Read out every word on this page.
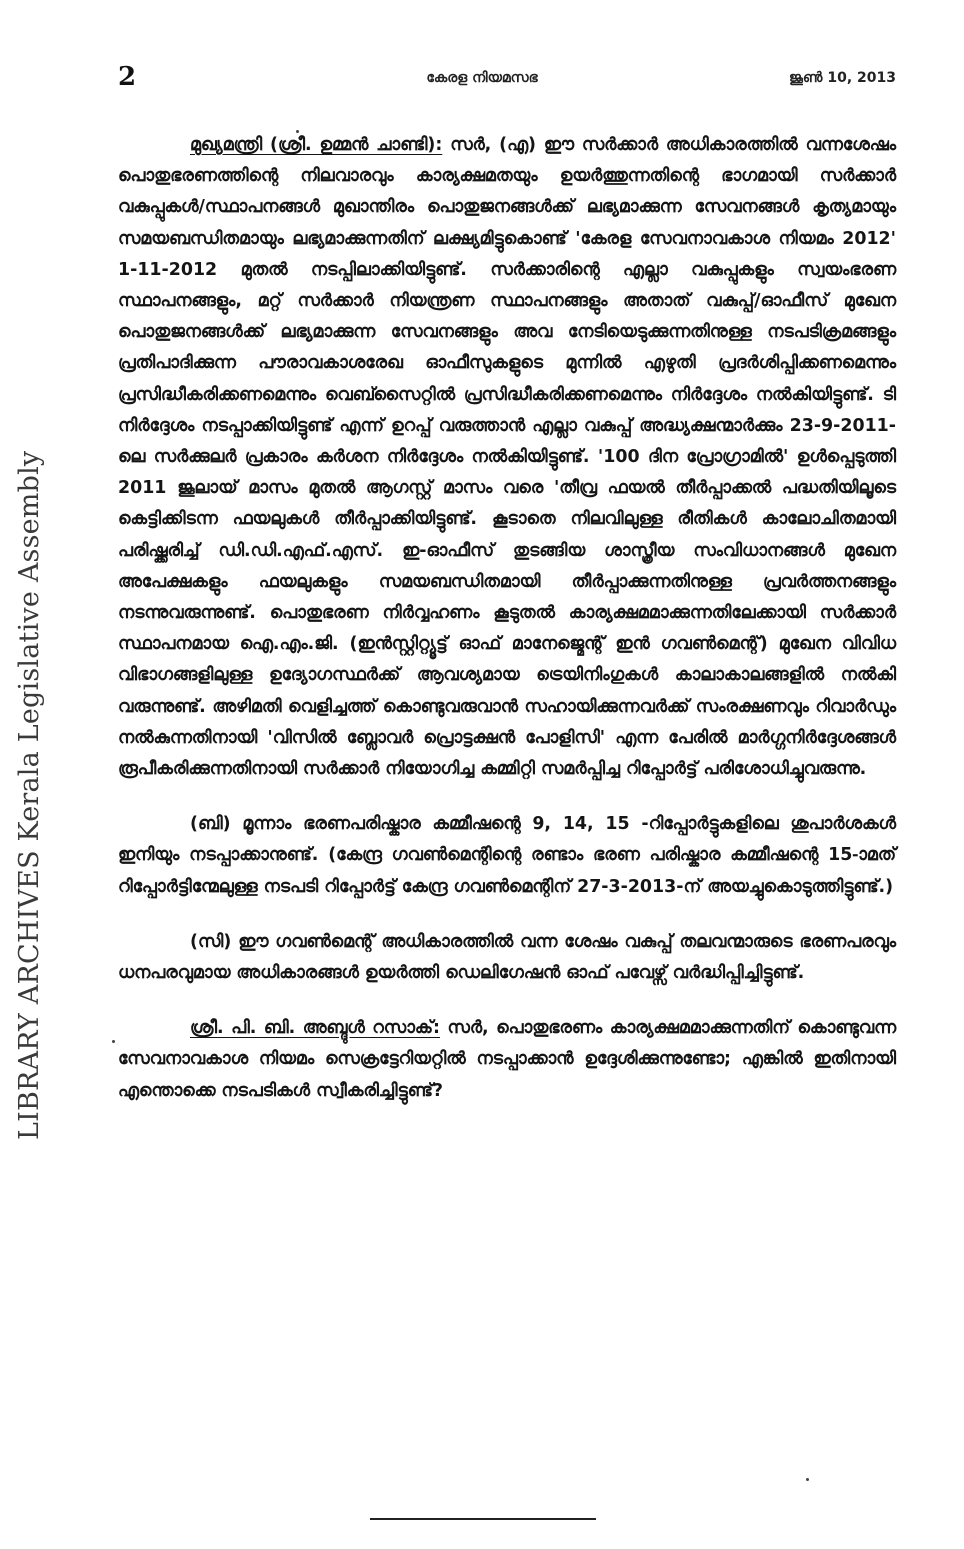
2	കേരള നിയമസഭ	ജൂൺ 10, 2013
LIBRARY ARCHIVES Kerala Legislative Assembly

മുഖ്യമന്ത്രി (ശ്രീ. ഉമ്മൻ ചാണ്ടി): സർ, (എ) ഈ സർക്കാർ അധികാരത്തിൽ വന്നശേഷം പൊതുഭരണത്തിന്റെ നിലവാരവും കാര്യക്ഷമതയും ഉയർത്തുന്നതിന്റെ ഭാഗമായി സർക്കാർ വകുപ്പുകൾ/സ്ഥാപനങ്ങൾ മുഖാന്തിരം പൊതുജനങ്ങൾക്ക് ലഭ്യമാക്കുന്ന സേവനങ്ങൾ കൃത്യമായും സമയബന്ധിതമായും ലഭ്യമാക്കുന്നതിന് ലക്ഷ്യമിട്ടുകൊണ്ട് 'കേരള സേവനാവകാശ നിയമം 2012' 1-11-2012 മുതൽ നടപ്പിലാക്കിയിട്ടുണ്ട്. സർക്കാരിന്റെ എല്ലാ വകുപ്പുകളും സ്വയംഭരണ സ്ഥാപനങ്ങളും, മറ്റ് സർക്കാർ നിയന്ത്രണ സ്ഥാപനങ്ങളും അതാത് വകുപ്പ്/ഓഫീസ് മുഖേന പൊതുജനങ്ങൾക്ക് ലഭ്യമാക്കുന്ന സേവനങ്ങളും അവ നേടിയെടുക്കുന്നതിനുള്ള നടപടിക്രമങ്ങളും പ്രതിപാദിക്കുന്ന പൗരാവകാശരേഖ ഓഫീസുകളുടെ മുന്നിൽ എഴുതി പ്രദർശിപ്പിക്കണമെന്നും പ്രസിദ്ധീകരിക്കണമെന്നും വെബ്സൈറ്റിൽ പ്രസിദ്ധീകരിക്കണമെന്നും നിർദ്ദേശം നൽകിയിട്ടുണ്ട്. ടി നിർദ്ദേശം നടപ്പാക്കിയിട്ടുണ്ട് എന്ന് ഉറപ്പ് വരുത്താൻ എല്ലാ വകുപ്പ് അദ്ധ്യക്ഷന്മാർക്കും 23-9-2011-ലെ സർക്കുലർ പ്രകാരം കർശന നിർദ്ദേശം നൽകിയിട്ടുണ്ട്. '100 ദിന പ്രോഗ്രാമിൽ' ഉൾപ്പെടുത്തി 2011 ജൂലായ് മാസം മുതൽ ആഗസ്റ്റ് മാസം വരെ 'തീവ്ര ഫയൽ തീർപ്പാക്കൽ പദ്ധതിയിലൂടെ കെട്ടിക്കിടന്ന ഫയലുകൾ തീർപ്പാക്കിയിട്ടുണ്ട്. കൂടാതെ നിലവിലുള്ള രീതികൾ കാലോചിതമായി പരിഷ്ക്കരിച്ച് ഡി.ഡി.എഫ്.എസ്. ഇ-ഓഫീസ് തുടങ്ങിയ ശാസ്ത്രീയ സംവിധാനങ്ങൾ മുഖേന അപേക്ഷകളും ഫയലുകളും സമയബന്ധിതമായി തീർപ്പാക്കുന്നതിനുള്ള പ്രവർത്തനങ്ങളും നടന്നുവരുന്നുണ്ട്. പൊതുഭരണ നിർവ്വഹണം കൂടുതൽ കാര്യക്ഷമമാക്കുന്നതിലേക്കായി സർക്കാർ സ്ഥാപനമായ ഐ.എം.ജി. (ഇൻസ്റ്റിറ്റ്യൂട്ട് ഓഫ് മാനേജ്മെന്റ് ഇൻ ഗവൺമെന്റ്) മുഖേന വിവിധ വിഭാഗങ്ങളിലുള്ള ഉദ്യോഗസ്ഥർക്ക് ആവശ്യമായ ട്രെയിനിംഗുകൾ കാലാകാലങ്ങളിൽ നൽകി വരുന്നുണ്ട്. അഴിമതി വെളിച്ചത്ത് കൊണ്ടുവരുവാൻ സഹായിക്കുന്നവർക്ക് സംരക്ഷണവും റിവാർഡും നൽകുന്നതിനായി 'വിസിൽ ബ്ലോവർ പ്രൊട്ടക്ഷൻ പോളിസി' എന്ന പേരിൽ മാർഗ്ഗനിർദ്ദേശങ്ങൾ രൂപീകരിക്കുന്നതിനായി സർക്കാർ നിയോഗിച്ച കമ്മിറ്റി സമർപ്പിച്ച റിപ്പോർട്ട് പരിശോധിച്ചുവരുന്നു.

(ബി) മൂന്നാം ഭരണപരിഷ്കാര കമ്മീഷന്റെ 9, 14, 15 -റിപ്പോർട്ടുകളിലെ ശുപാർശകൾ ഇനിയും നടപ്പാക്കാനുണ്ട്. (കേന്ദ്ര ഗവൺമെന്റിന്റെ രണ്ടാം ഭരണ പരിഷ്കാര കമ്മീഷന്റെ 15-ാമത് റിപ്പോർട്ടിന്മേലുള്ള നടപടി റിപ്പോർട്ട് കേന്ദ്ര ഗവൺമെന്റിന് 27-3-2013-ന് അയച്ചുകൊടുത്തിട്ടുണ്ട്.)

(സി) ഈ ഗവൺമെന്റ് അധികാരത്തിൽ വന്ന ശേഷം വകുപ്പ് തലവന്മാരുടെ ഭരണപരവും ധനപരവുമായ അധികാരങ്ങൾ ഉയർത്തി ഡെലിഗേഷൻ ഓഫ് പവേഴ്സ് വർദ്ധിപ്പിച്ചിട്ടുണ്ട്.

ശ്രീ. പി. ബി. അബ്ദുൾ റസാക്: സർ, പൊതുഭരണം കാര്യക്ഷമമാക്കുന്നതിന് കൊണ്ടുവന്ന സേവനാവകാശ നിയമം സെക്രട്ടേറിയറ്റിൽ നടപ്പാക്കാൻ ഉദ്ദേശിക്കുന്നുണ്ടോ; എങ്കിൽ ഇതിനായി എന്തൊക്കെ നടപടികൾ സ്വീകരിച്ചിട്ടുണ്ട്?
